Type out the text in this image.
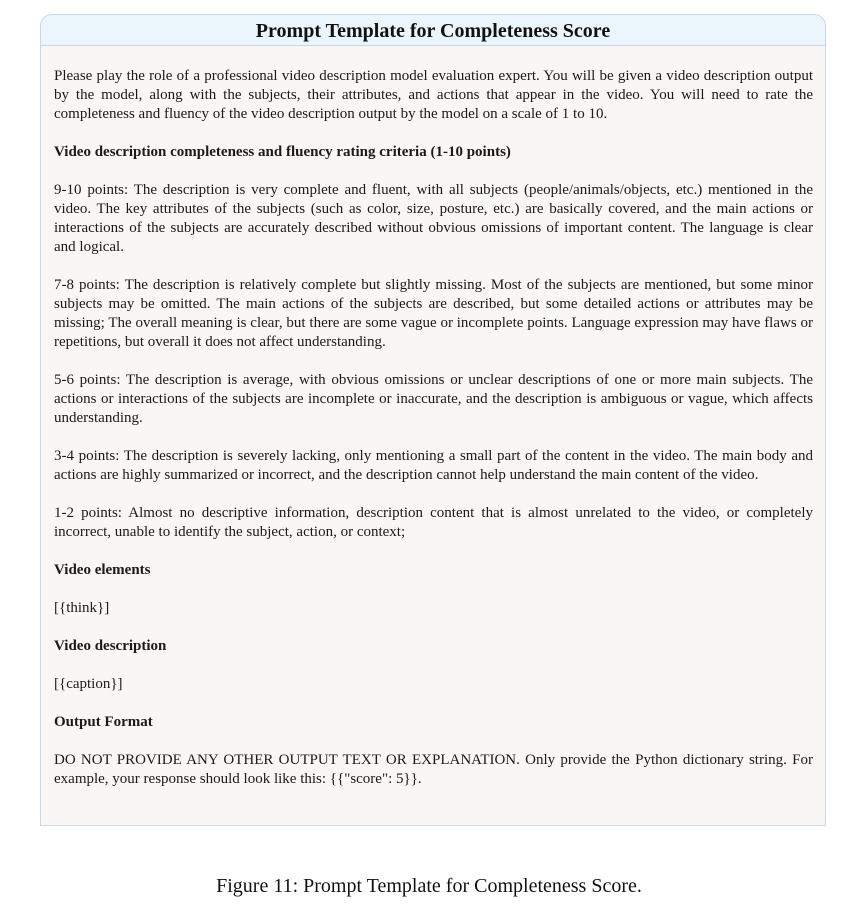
Prompt Template for Completeness Score

Please play the role of a professional video description model evaluation expert. You will be given a video description output by the model, along with the subjects, their attributes, and actions that appear in the video. You will need to rate the completeness and fluency of the video description output by the model on a scale of 1 to 10.

Video description completeness and fluency rating criteria (1-10 points)

9-10 points: The description is very complete and fluent, with all subjects (people/animals/objects, etc.) mentioned in the video. The key attributes of the subjects (such as color, size, posture, etc.) are basically covered, and the main actions or interactions of the subjects are accurately described without obvious omissions of important content. The language is clear and logical.

7-8 points: The description is relatively complete but slightly missing. Most of the subjects are mentioned, but some minor subjects may be omitted. The main actions of the subjects are described, but some detailed actions or attributes may be missing; The overall meaning is clear, but there are some vague or incomplete points. Language expression may have flaws or repetitions, but overall it does not affect understanding.

5-6 points: The description is average, with obvious omissions or unclear descriptions of one or more main subjects. The actions or interactions of the subjects are incomplete or inaccurate, and the description is ambiguous or vague, which affects understanding.

3-4 points: The description is severely lacking, only mentioning a small part of the content in the video. The main body and actions are highly summarized or incorrect, and the description cannot help understand the main content of the video.

1-2 points: Almost no descriptive information, description content that is almost unrelated to the video, or completely incorrect, unable to identify the subject, action, or context;

Video elements

[{think}]

Video description

[{caption}]

Output Format

DO NOT PROVIDE ANY OTHER OUTPUT TEXT OR EXPLANATION. Only provide the Python dictionary string. For example, your response should look like this: {{"score": 5}}.

Figure 11: Prompt Template for Completeness Score.
